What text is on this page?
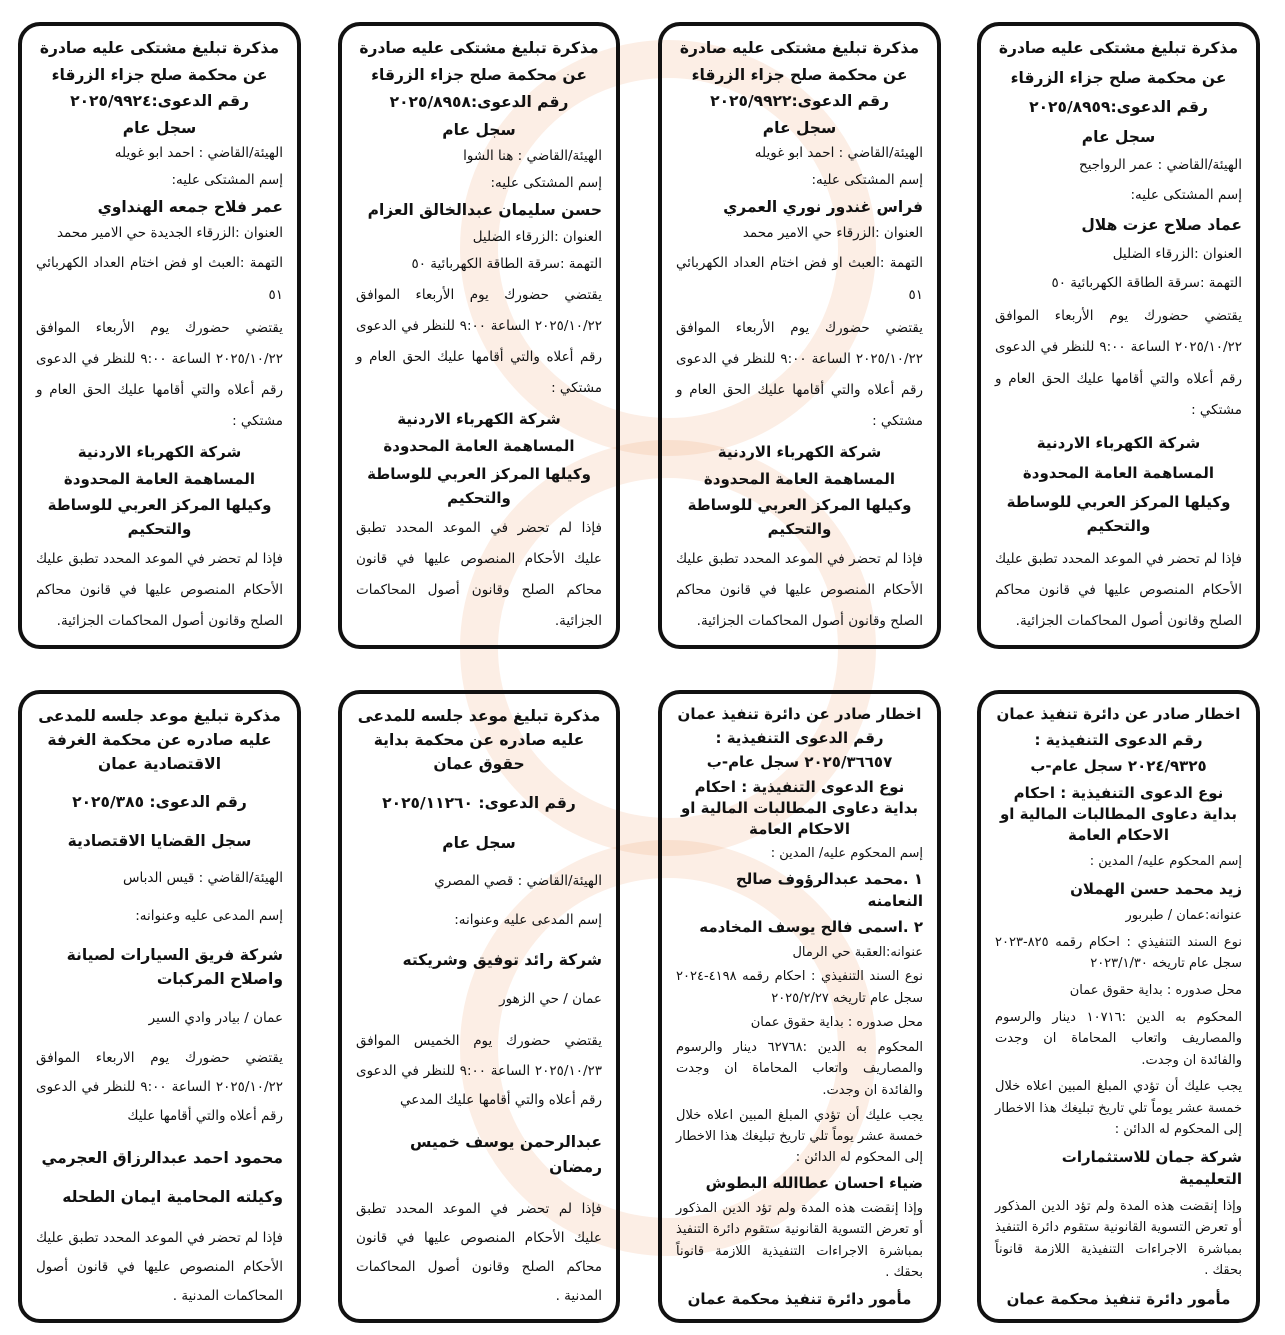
مذكرة تبليغ مشتكى عليه صادرة
عن محكمة صلح جزاء الزرقاء
رقم الدعوى:٢٠٢٥/٩٩٢٤
سجل عام
الهيئة/القاضي : احمد ابو غويله
إسم المشتكى عليه:
عمر فلاح جمعه الهنداوي
العنوان :الزرقاء الجديدة حي الامير محمد
التهمة :العبث او فض اختام العداد الكهربائي ٥١
يقتضي حضورك يوم الأربعاء الموافق ٢٠٢٥/١٠/٢٢ الساعة ٩:٠٠ للنظر في الدعوى رقم أعلاه والتي أقامها عليك الحق العام و مشتكي :
شركة الكهرباء الاردنية
المساهمة العامة المحدودة
وكيلها المركز العربي للوساطة والتحكيم
فإذا لم تحضر في الموعد المحدد تطبق عليك الأحكام المنصوص عليها في قانون محاكم الصلح وقانون أصول المحاكمات الجزائية.
مذكرة تبليغ مشتكى عليه صادرة
عن محكمة صلح جزاء الزرقاء
رقم الدعوى:٢٠٢٥/٨٩٥٨
سجل عام
الهيئة/القاضي : هنا الشوا
إسم المشتكى عليه:
حسن سليمان عبدالخالق العزام
العنوان :الزرقاء الضليل
التهمة :سرقة الطاقة الكهربائية ٥٠
يقتضي حضورك يوم الأربعاء الموافق ٢٠٢٥/١٠/٢٢ الساعة ٩:٠٠ للنظر في الدعوى رقم أعلاه والتي أقامها عليك الحق العام و مشتكي :
شركة الكهرباء الاردنية
المساهمة العامة المحدودة
وكيلها المركز العربي للوساطة والتحكيم
فإذا لم تحضر في الموعد المحدد تطبق عليك الأحكام المنصوص عليها في قانون محاكم الصلح وقانون أصول المحاكمات الجزائية.
مذكرة تبليغ مشتكى عليه صادرة
عن محكمة صلح جزاء الزرقاء
رقم الدعوى:٢٠٢٥/٩٩٢٢
سجل عام
الهيئة/القاضي : احمد ابو غويله
إسم المشتكى عليه:
فراس غندور نوري العمري
العنوان :الزرقاء حي الامير محمد
التهمة :العبث او فض اختام العداد الكهربائي ٥١
يقتضي حضورك يوم الأربعاء الموافق ٢٠٢٥/١٠/٢٢ الساعة ٩:٠٠ للنظر في الدعوى رقم أعلاه والتي أقامها عليك الحق العام و مشتكي :
شركة الكهرباء الاردنية
المساهمة العامة المحدودة
وكيلها المركز العربي للوساطة والتحكيم
فإذا لم تحضر في الموعد المحدد تطبق عليك الأحكام المنصوص عليها في قانون محاكم الصلح وقانون أصول المحاكمات الجزائية.
مذكرة تبليغ مشتكى عليه صادرة
عن محكمة صلح جزاء الزرقاء
رقم الدعوى:٢٠٢٥/٨٩٥٩
سجل عام
الهيئة/القاضي : عمر الرواجيح
إسم المشتكى عليه:
عماد صلاح عزت هلال
العنوان :الزرقاء الضليل
التهمة :سرقة الطاقة الكهربائية ٥٠
يقتضي حضورك يوم الأربعاء الموافق ٢٠٢٥/١٠/٢٢ الساعة ٩:٠٠ للنظر في الدعوى رقم أعلاه والتي أقامها عليك الحق العام و مشتكي :
شركة الكهرباء الاردنية
المساهمة العامة المحدودة
وكيلها المركز العربي للوساطة والتحكيم
فإذا لم تحضر في الموعد المحدد تطبق عليك الأحكام المنصوص عليها في قانون محاكم الصلح وقانون أصول المحاكمات الجزائية.
مذكرة تبليغ موعد جلسه للمدعى عليه صادره عن محكمة الغرفة الاقتصادية عمان
رقم الدعوى: ٢٠٢٥/٣٨٥
سجل القضايا الاقتصادية
الهيئة/القاضي : قيس الدباس
إسم المدعى عليه وعنوانه:
شركة فريق السيارات لصيانة واصلاح المركبات
عمان / بيادر وادي السير
يقتضي حضورك يوم الاربعاء الموافق ٢٠٢٥/١٠/٢٢ الساعة ٩:٠٠ للنظر في الدعوى رقم أعلاه والتي أقامها عليك
محمود احمد عبدالرزاق العجرمي
وكيلته المحامية ايمان الطحله
فإذا لم تحضر في الموعد المحدد تطبق عليك الأحكام المنصوص عليها في قانون أصول المحاكمات المدنية .
مذكرة تبليغ موعد جلسه للمدعى عليه صادره عن محكمة بداية حقوق عمان
رقم الدعوى: ٢٠٢٥/١١٢٦٠
سجل عام
الهيئة/القاضي : قصي المصري
إسم المدعى عليه وعنوانه:
شركة رائد توفيق وشريكته
عمان / حي الزهور
يقتضي حضورك يوم الخميس الموافق ٢٠٢٥/١٠/٢٣ الساعة ٩:٠٠ للنظر في الدعوى رقم أعلاه والتي أقامها عليك المدعي
عبدالرحمن يوسف خميس رمضان
فإذا لم تحضر في الموعد المحدد تطبق عليك الأحكام المنصوص عليها في قانون محاكم الصلح وقانون أصول المحاكمات المدنية .
اخطار صادر عن دائرة تنفيذ عمان
رقم الدعوى التنفيذية :
٢٠٢٥/٣٦٦٥٧ سجل عام-ب
نوع الدعوى التنفيذية : احكام بداية دعاوى المطالبات المالية او الاحكام العامة
إسم المحكوم عليه/ المدين :
١ .محمد عبدالرؤوف صالح النعامنه
٢ .اسمى فالح يوسف المخادمه
عنوانه:العقبة حي الرمال
نوع السند التنفيذي : احكام رقمه ٤١٩٨-٢٠٢٤ سجل عام تاريخه ٢٠٢٥/٢/٢٧
محل صدوره : بداية حقوق عمان
المحكوم به الدين :٦٢٧٦٨ دينار والرسوم والمصاريف واتعاب المحاماة ان وجدت والفائدة ان وجدت.
يجب عليك أن تؤدي المبلغ المبين اعلاه خلال خمسة عشر يوماً تلي تاريخ تبليغك هذا الاخطار إلى المحكوم له الدائن :
ضياء احسان عطاالله البطوش
وإذا إنقضت هذه المدة ولم تؤد الدين المذكور أو تعرض التسوية القانونية ستقوم دائرة التنفيذ بمباشرة الاجراءات التنفيذية اللازمة قانوناً بحقك .
مأمور دائرة تنفيذ محكمة عمان
اخطار صادر عن دائرة تنفيذ عمان
رقم الدعوى التنفيذية :
٢٠٢٤/٩٣٢٥ سجل عام-ب
نوع الدعوى التنفيذية : احكام بداية دعاوى المطالبات المالية او الاحكام العامة
إسم المحكوم عليه/ المدين :
زيد محمد حسن الهملان
عنوانه:عمان / طبربور
نوع السند التنفيذي : احكام رقمه ٨٢٥-٢٠٢٣ سجل عام تاريخه ٢٠٢٣/١/٣٠
محل صدوره : بداية حقوق عمان
المحكوم به الدين :١٠٧١٦ دينار والرسوم والمصاريف واتعاب المحاماة ان وجدت والفائدة ان وجدت.
يجب عليك أن تؤدي المبلغ المبين اعلاه خلال خمسة عشر يوماً تلي تاريخ تبليغك هذا الاخطار إلى المحكوم له الدائن :
شركة جمان للاستثمارات التعليمية
وإذا إنقضت هذه المدة ولم تؤد الدين المذكور أو تعرض التسوية القانونية ستقوم دائرة التنفيذ بمباشرة الاجراءات التنفيذية اللازمة قانوناً بحقك .
مأمور دائرة تنفيذ محكمة عمان
